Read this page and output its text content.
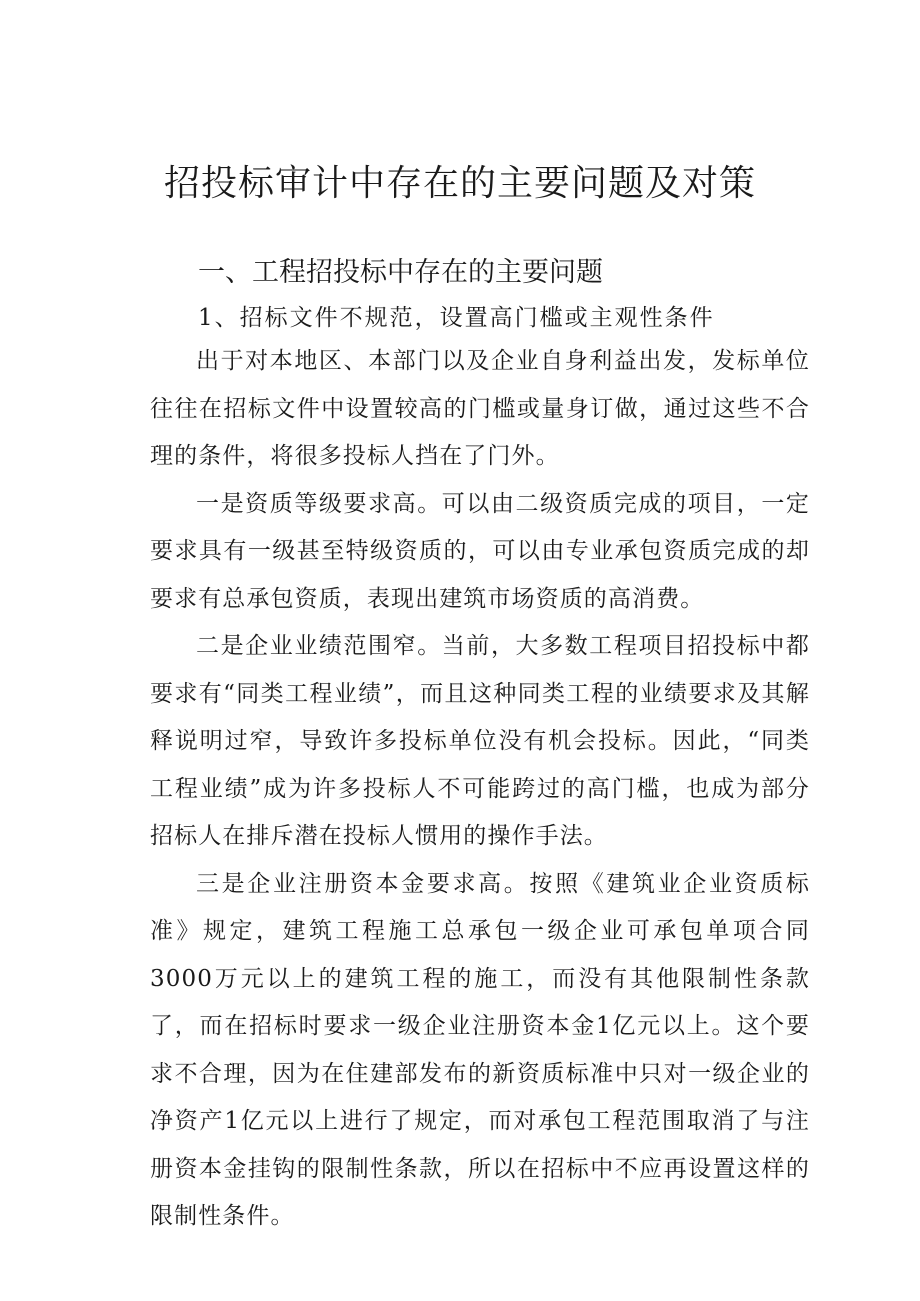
招投标审计中存在的主要问题及对策
一、工程招投标中存在的主要问题

1、招标文件不规范，设置高门槛或主观性条件

出于对本地区、本部门以及企业自身利益出发，发标单位往往在招标文件中设置较高的门槛或量身订做，通过这些不合理的条件，将很多投标人挡在了门外。

一是资质等级要求高。可以由二级资质完成的项目，一定要求具有一级甚至特级资质的，可以由专业承包资质完成的却要求有总承包资质，表现出建筑市场资质的高消费。

二是企业业绩范围窄。当前，大多数工程项目招投标中都要求有“同类工程业绩”，而且这种同类工程的业绩要求及其解释说明过窄，导致许多投标单位没有机会投标。因此，“同类工程业绩”成为许多投标人不可能跨过的高门槛，也成为部分招标人在排斥潜在投标人惯用的操作手法。

三是企业注册资本金要求高。按照《建筑业企业资质标准》规定，建筑工程施工总承包一级企业可承包单项合同3000万元以上的建筑工程的施工，而没有其他限制性条款了，而在招标时要求一级企业注册资本金1亿元以上。这个要求不合理，因为在住建部发布的新资质标准中只对一级企业的净资产1亿元以上进行了规定，而对承包工程范围取消了与注册资本金挂钩的限制性条款，所以在招标中不应再设置这样的限制性条件。
